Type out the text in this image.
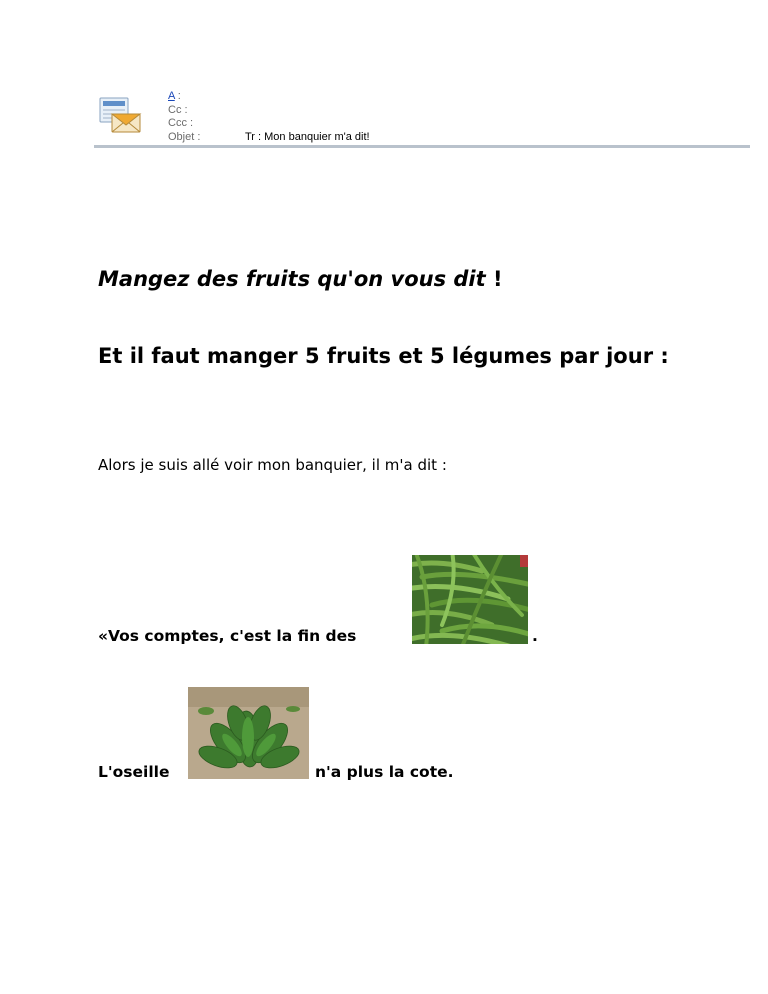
A :
Cc :
Ccc :
Objet :	Tr : Mon banquier m'a dit!

Mangez des fruits qu'on vous dit !

Et il faut manger 5 fruits et 5 légumes par jour :

Alors je suis allé voir mon banquier, il m'a dit :

«Vos comptes, c'est la fin des	.

L'oseille	n'a plus la cote.
